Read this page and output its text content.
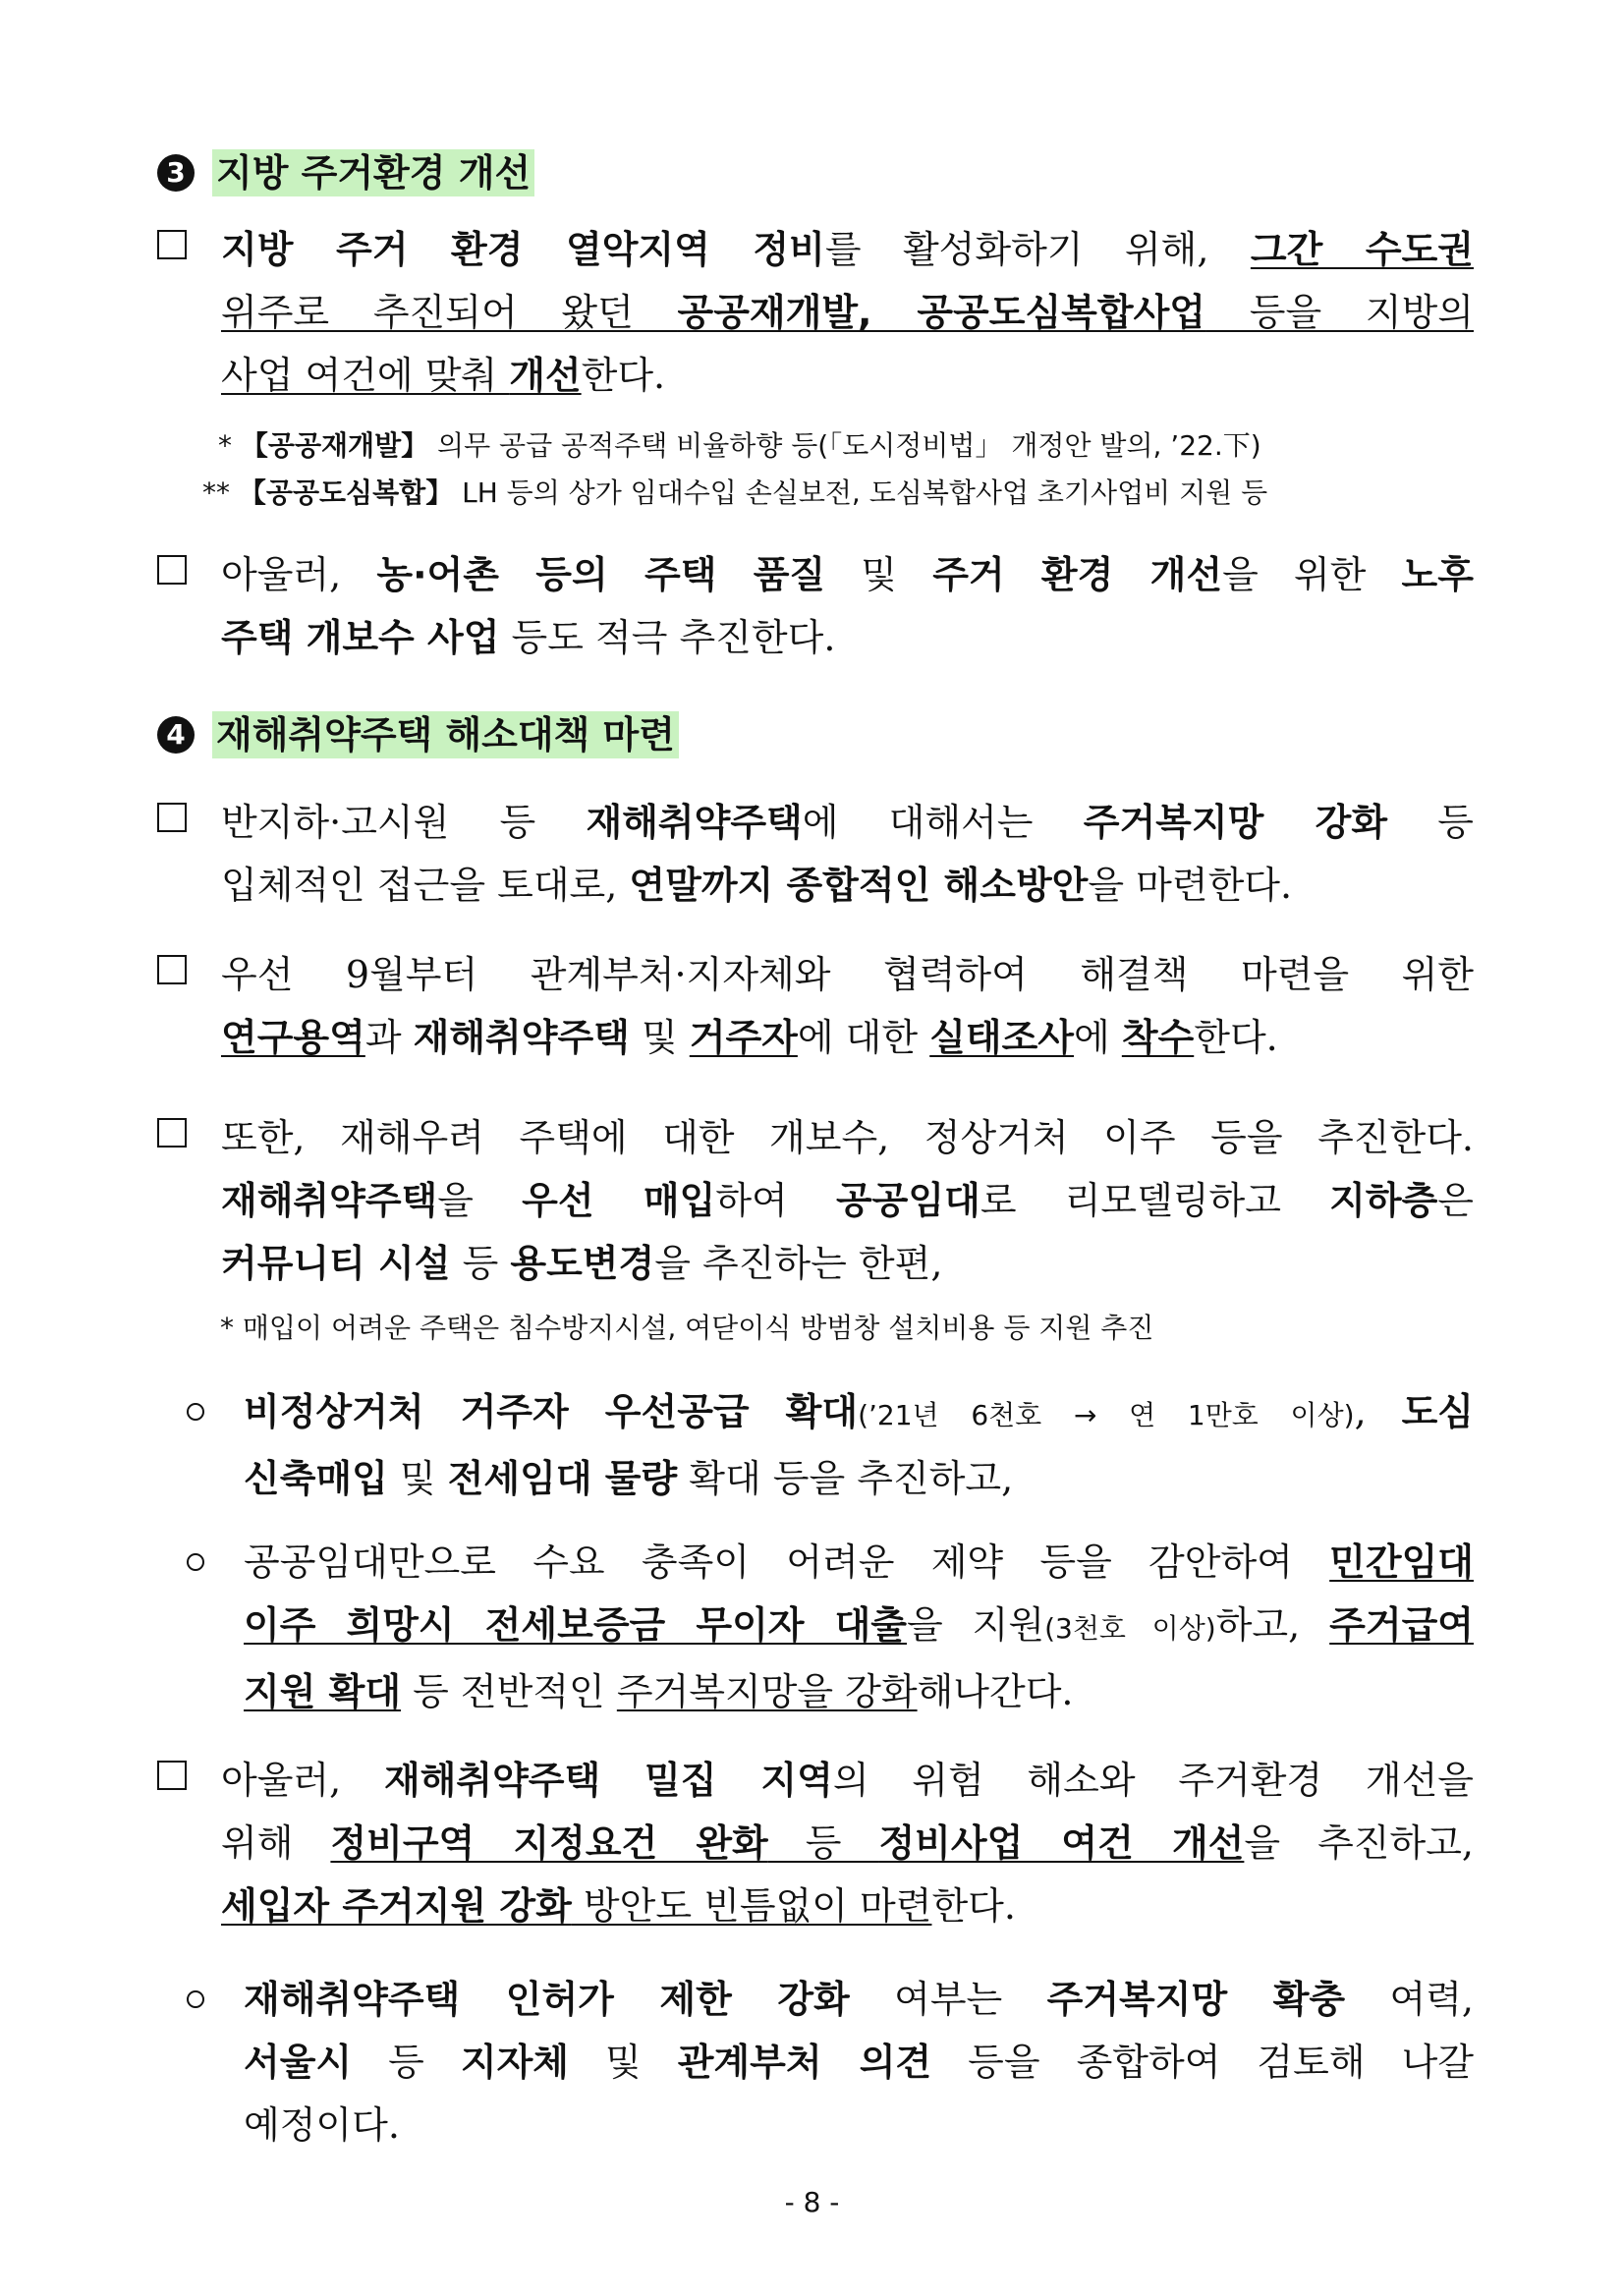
3 지방 주거환경 개선
지방 주거 환경 열악지역 정비를 활성화하기 위해, 그간 수도권
위주로 추진되어 왔던 공공재개발, 공공도심복합사업 등을 지방의
사업 여건에 맞춰 개선한다.
* 【공공재개발】 의무 공급 공적주택 비율하향 등(「도시정비법」 개정안 발의, ’22.下)
** 【공공도심복합】 LH 등의 상가 임대수입 손실보전, 도심복합사업 초기사업비 지원 등
아울러, 농·어촌 등의 주택 품질 및 주거 환경 개선을 위한 노후
주택 개보수 사업 등도 적극 추진한다.
4 재해취약주택 해소대책 마련
반지하·고시원 등 재해취약주택에 대해서는 주거복지망 강화 등
입체적인 접근을 토대로, 연말까지 종합적인 해소방안을 마련한다.
우선 9월부터 관계부처·지자체와 협력하여 해결책 마련을 위한
연구용역과 재해취약주택 및 거주자에 대한 실태조사에 착수한다.
또한, 재해우려 주택에 대한 개보수, 정상거처 이주 등을 추진한다.
재해취약주택을 우선 매입하여 공공임대로 리모델링하고 지하층은
커뮤니티 시설 등 용도변경을 추진하는 한편,
* 매입이 어려운 주택은 침수방지시설, 여닫이식 방범창 설치비용 등 지원 추진
비정상거처 거주자 우선공급 확대(’21년 6천호 → 연 1만호 이상), 도심
신축매입 및 전세임대 물량 확대 등을 추진하고,
공공임대만으로 수요 충족이 어려운 제약 등을 감안하여 민간임대
이주 희망시 전세보증금 무이자 대출을 지원(3천호 이상)하고, 주거급여
지원 확대 등 전반적인 주거복지망을 강화해나간다.
아울러, 재해취약주택 밀집 지역의 위험 해소와 주거환경 개선을
위해 정비구역 지정요건 완화 등 정비사업 여건 개선을 추진하고,
세입자 주거지원 강화 방안도 빈틈없이 마련한다.
재해취약주택 인허가 제한 강화 여부는 주거복지망 확충 여력,
서울시 등 지자체 및 관계부처 의견 등을 종합하여 검토해 나갈
예정이다.
- 8 -
